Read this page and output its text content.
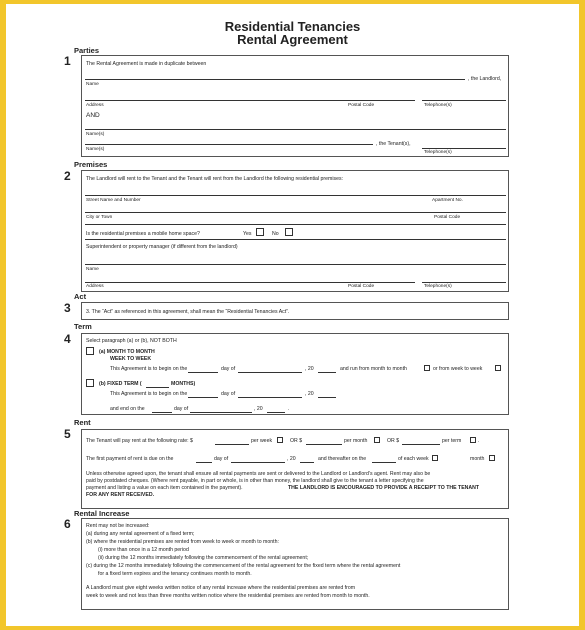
Residential Tenancies
Rental Agreement
Parties
1	The Rental Agreement is made in duplicate between
, the Landlord,
Name
Address	Postal Code	Telephone(s)
AND
Name(s)
, the Tenant(s),
Name(s)
Telephone(s)
Premises
2	The Landlord will rent to the Tenant and the Tenant will rent from the Landlord the following residential premises:
Street Name and Number	Apartment No.
City or Town	Postal Code
Is the residential premises a mobile home space?	Yes	No
Superintendent or property manager (if different from the landlord)
Name
Address	Postal Code	Telephone(s)
Act
3	3. The “Act” as referenced in this agreement, shall mean the “Residential Tenancies Act”.
Term
4	Select paragraph (a) or (b), NOT BOTH
(a) MONTH TO MONTH
WEEK TO WEEK
This Agreement is to begin on the	day of	, 20	and run from month to month	or from week to week
(b) FIXED TERM (	MONTHS)
This Agreement is to begin on the	day of	, 20
and end on the	day of	, 20	.
Rent
5	The Tenant will pay rent at the following rate: $	per week	OR $	per month	OR $	per term	.
The first payment of rent is due on the	day of	, 20	and thereafter on the	of each week	month
Unless otherwise agreed upon, the tenant shall ensure all rental payments are sent or delivered to the Landlord or Landlord’s agent. Rent may also be
paid by postdated cheques. (Where rent payable, in part or whole, is in other than money, the landlord shall give to the tenant a letter specifying the
payment and listing a value on each item contained in the payment).	THE LANDLORD IS ENCOURAGED TO PROVIDE A RECEIPT TO THE TENANT
FOR ANY RENT RECEIVED.
Rental Increase
6	Rent may not be increased:
(a) during any rental agreement of a fixed term;
(b) where the residential premises are rented from week to week or month to month:
(i) more than once in a 12 month period
(ii) during the 12 months immediately following the commencement of the rental agreement;
(c) during the 12 months immediately following the commencement of the rental agreement for the fixed term where the rental agreement
for a fixed term expires and the tenancy continues month to month.
A Landlord must give eight weeks written notice of any rental increase where the residential premises are rented from
week to week and not less than three months written notice where the residential premises are rented from month to month.
